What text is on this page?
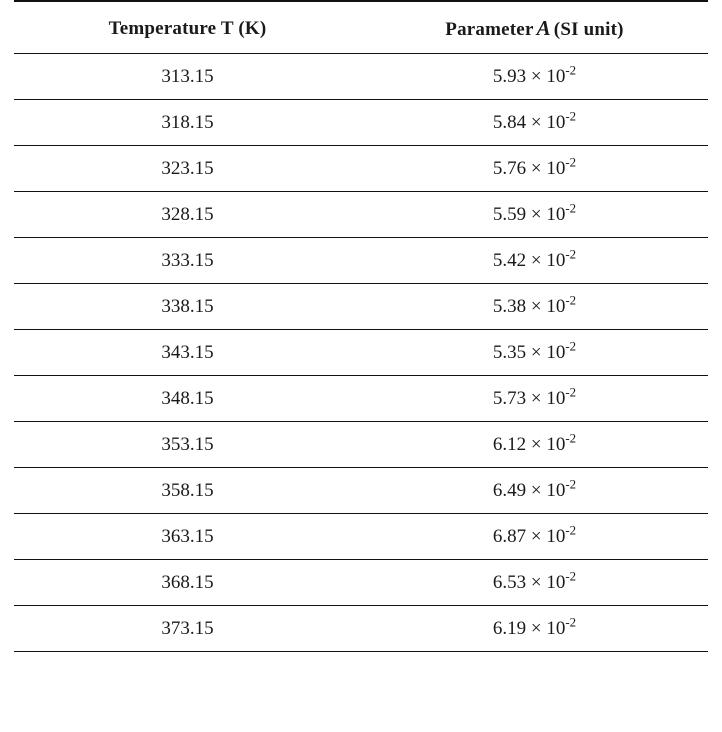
Temperature T (K)	Parameter A (SI unit)
313.15	$5.93 \times 10^{-2}$
318.15	$5.84 \times 10^{-2}$
323.15	$5.76 \times 10^{-2}$
328.15	$5.59 \times 10^{-2}$
333.15	$5.42 \times 10^{-2}$
338.15	$5.38 \times 10^{-2}$
343.15	$5.35 \times 10^{-2}$
348.15	$5.73 \times 10^{-2}$
353.15	$6.12 \times 10^{-2}$
358.15	$6.49 \times 10^{-2}$
363.15	$6.87 \times 10^{-2}$
368.15	$6.53 \times 10^{-2}$
373.15	$6.19 \times 10^{-2}$
